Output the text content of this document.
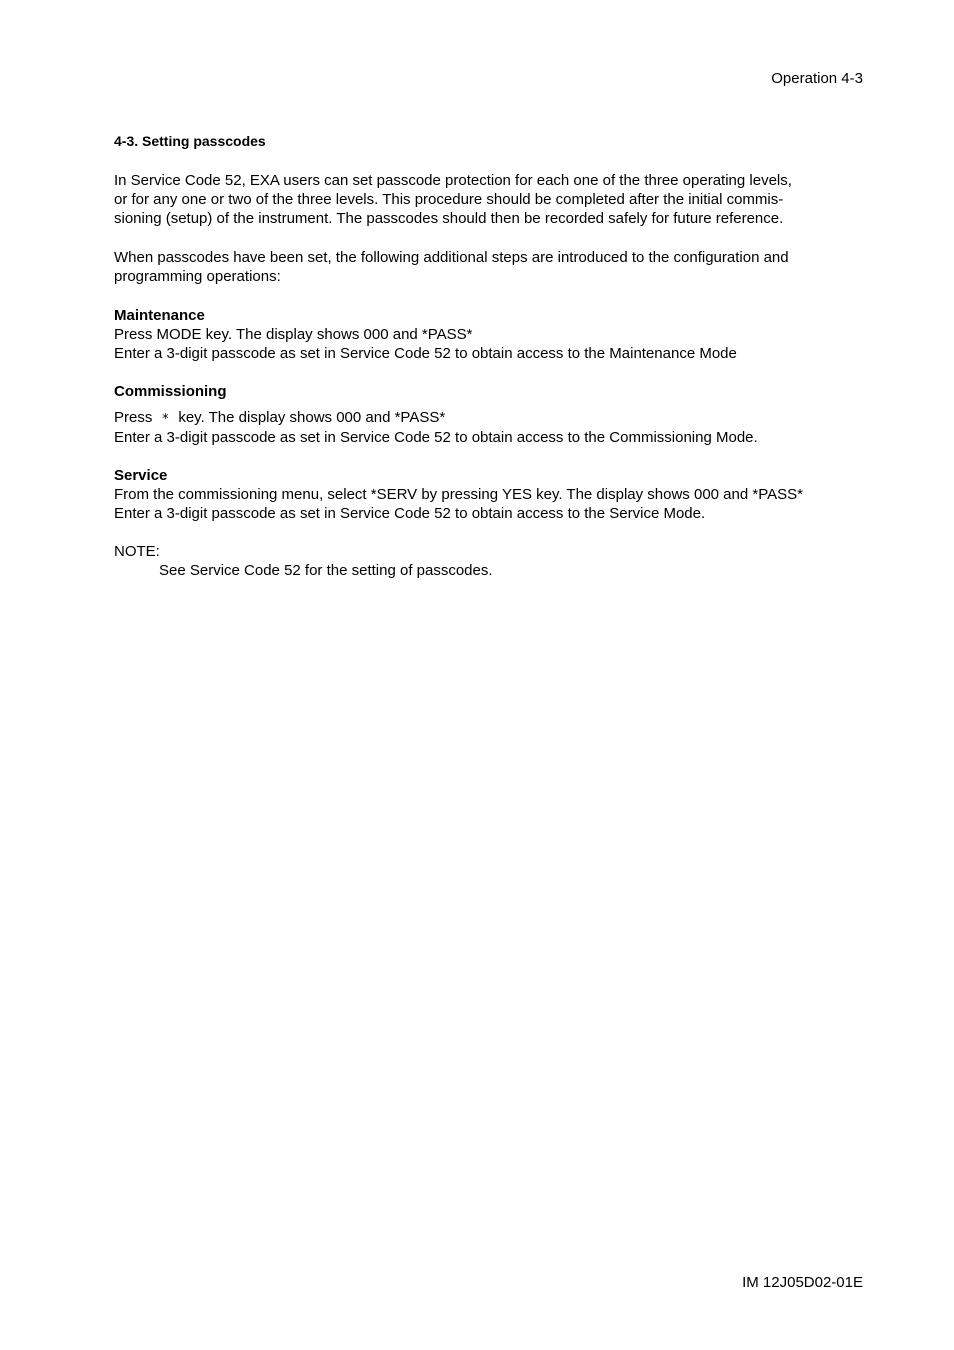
Operation 4-3
4-3. Setting passcodes

In Service Code 52, EXA users can set passcode protection for each one of the three operating levels,

or for any one or two of the three levels. This procedure should be completed after the initial commis-

sioning (setup) of the instrument. The passcodes should then be recorded safely for future reference.

When passcodes have been set, the following additional steps are introduced to the configuration and

programming operations:

Maintenance

Press MODE key. The display shows 000 and *PASS*

Enter a 3-digit passcode as set in Service Code 52 to obtain access to the Maintenance Mode

Commissioning

Press * key. The display shows 000 and *PASS*

Enter a 3-digit passcode as set in Service Code 52 to obtain access to the Commissioning Mode.

Service

From the commissioning menu, select *SERV by pressing YES key. The display shows 000 and *PASS*

Enter a 3-digit passcode as set in Service Code 52 to obtain access to the Service Mode.

NOTE:

See Service Code 52 for the setting of passcodes.

IM 12J05D02-01E
